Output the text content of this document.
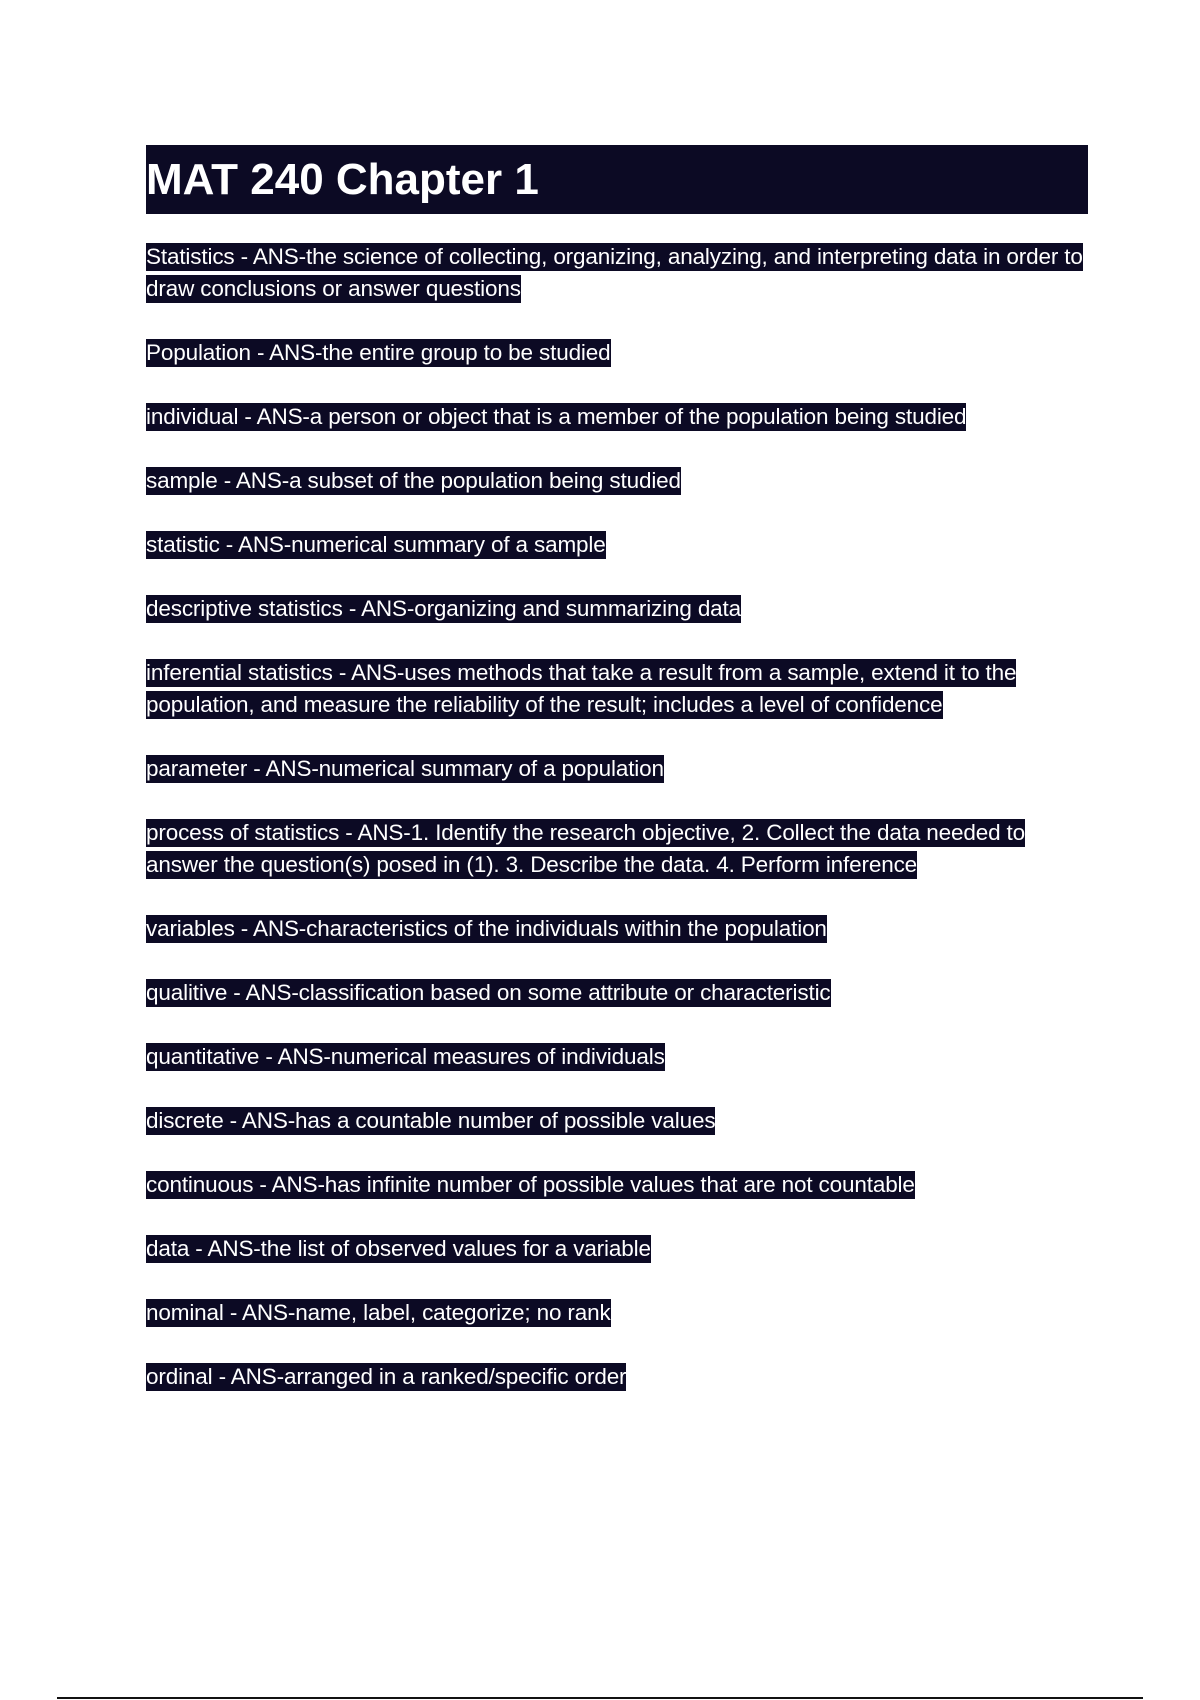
MAT 240 Chapter 1

Statistics - ANS-the science of collecting, organizing, analyzing, and interpreting data in order to draw conclusions or answer questions

Population - ANS-the entire group to be studied

individual - ANS-a person or object that is a member of the population being studied

sample - ANS-a subset of the population being studied

statistic - ANS-numerical summary of a sample

descriptive statistics - ANS-organizing and summarizing data

inferential statistics - ANS-uses methods that take a result from a sample, extend it to the population, and measure the reliability of the result; includes a level of confidence

parameter - ANS-numerical summary of a population

process of statistics - ANS-1. Identify the research objective, 2. Collect the data needed to answer the question(s) posed in (1). 3. Describe the data. 4. Perform inference

variables - ANS-characteristics of the individuals within the population

qualitive - ANS-classification based on some attribute or characteristic

quantitative - ANS-numerical measures of individuals

discrete - ANS-has a countable number of possible values

continuous - ANS-has infinite number of possible values that are not countable

data - ANS-the list of observed values for a variable

nominal - ANS-name, label, categorize; no rank

ordinal - ANS-arranged in a ranked/specific order
